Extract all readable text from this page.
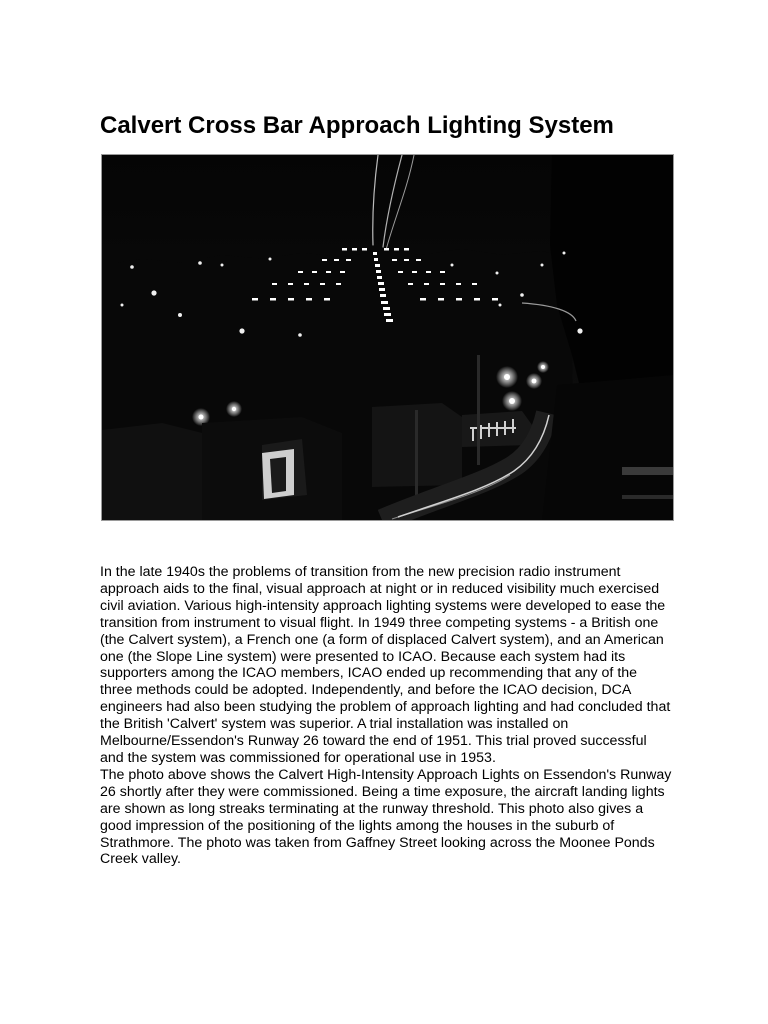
Calvert Cross Bar Approach Lighting System

In the late 1940s the problems of transition from the new precision radio instrument approach aids to the final, visual approach at night or in reduced visibility much exercised civil aviation. Various high-intensity approach lighting systems were developed to ease the transition from instrument to visual flight. In 1949 three competing systems - a British one (the Calvert system), a French one (a form of displaced Calvert system), and an American one (the Slope Line system) were presented to ICAO. Because each system had its supporters among the ICAO members, ICAO ended up recommending that any of the three methods could be adopted. Independently, and before the ICAO decision, DCA engineers had also been studying the problem of approach lighting and had concluded that the British 'Calvert' system was superior. A trial installation was installed on Melbourne/Essendon's Runway 26 toward the end of 1951. This trial proved successful and the system was commissioned for operational use in 1953.

The photo above shows the Calvert High-Intensity Approach Lights on Essendon's Runway 26 shortly after they were commissioned. Being a time exposure, the aircraft landing lights are shown as long streaks terminating at the runway threshold. This photo also gives a good impression of the positioning of the lights among the houses in the suburb of Strathmore. The photo was taken from Gaffney Street looking across the Moonee Ponds Creek valley.
